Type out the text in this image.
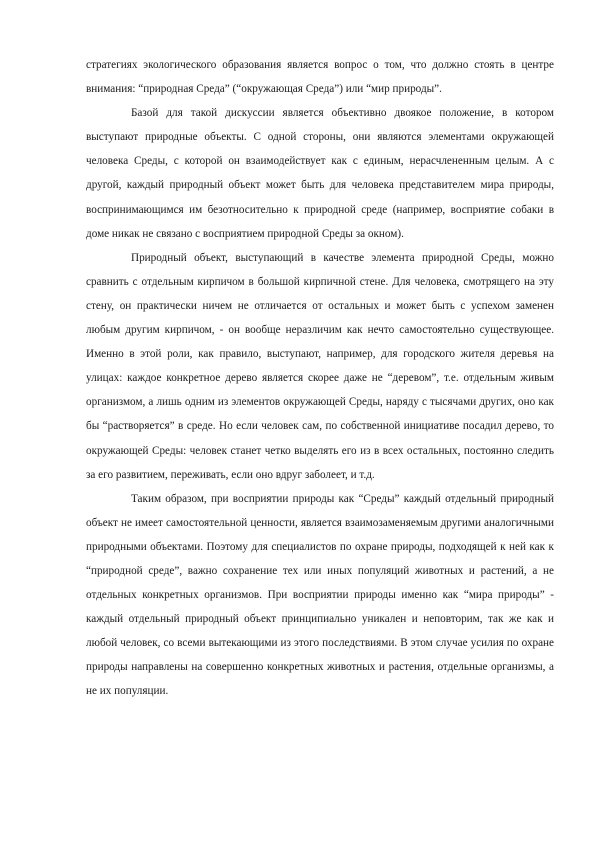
стратегиях экологического образования является вопрос о том, что должно стоять в центре внимания: “природная Среда” (“окружающая Среда”) или “мир природы”.

Базой для такой дискуссии является объективно двоякое положение, в котором выступают природные объекты. С одной стороны, они являются элементами окружающей человека Среды, с которой он взаимодействует как с единым, нерасчлененным целым. А с другой, каждый природный объект может быть для человека представителем мира природы, воспринимающимся им безотносительно к природной среде (например, восприятие собаки в доме никак не связано с восприятием природной Среды за окном).

Природный объект, выступающий в качестве элемента природной Среды, можно сравнить с отдельным кирпичом в большой кирпичной стене. Для человека, смотрящего на эту стену, он практически ничем не отличается от остальных и может быть с успехом заменен любым другим кирпичом, - он вообще неразличим как нечто самостоятельно существующее. Именно в этой роли, как правило, выступают, например, для городского жителя деревья на улицах: каждое конкретное дерево является скорее даже не “деревом”, т.е. отдельным живым организмом, а лишь одним из элементов окружающей Среды, наряду с тысячами других, оно как бы “растворяется” в среде. Но если человек сам, по собственной инициативе посадил дерево, то окружающей Среды: человек станет четко выделять его из в всех остальных, постоянно следить за его развитием, переживать, если оно вдруг заболеет, и т.д.

Таким образом, при восприятии природы как “Среды” каждый отдельный природный объект не имеет самостоятельной ценности, является взаимозаменяемым другими аналогичными природными объектами. Поэтому для специалистов по охране природы, подходящей к ней как к “природной среде”, важно сохранение тех или иных популяций животных и растений, а не отдельных конкретных организмов. При восприятии природы именно как “мира природы” - каждый отдельный природный объект принципиально уникален и неповторим, так же как и любой человек, со всеми вытекающими из этого последствиями. В этом случае усилия по охране природы направлены на совершенно конкретных животных и растения, отдельные организмы, а не их популяции.
